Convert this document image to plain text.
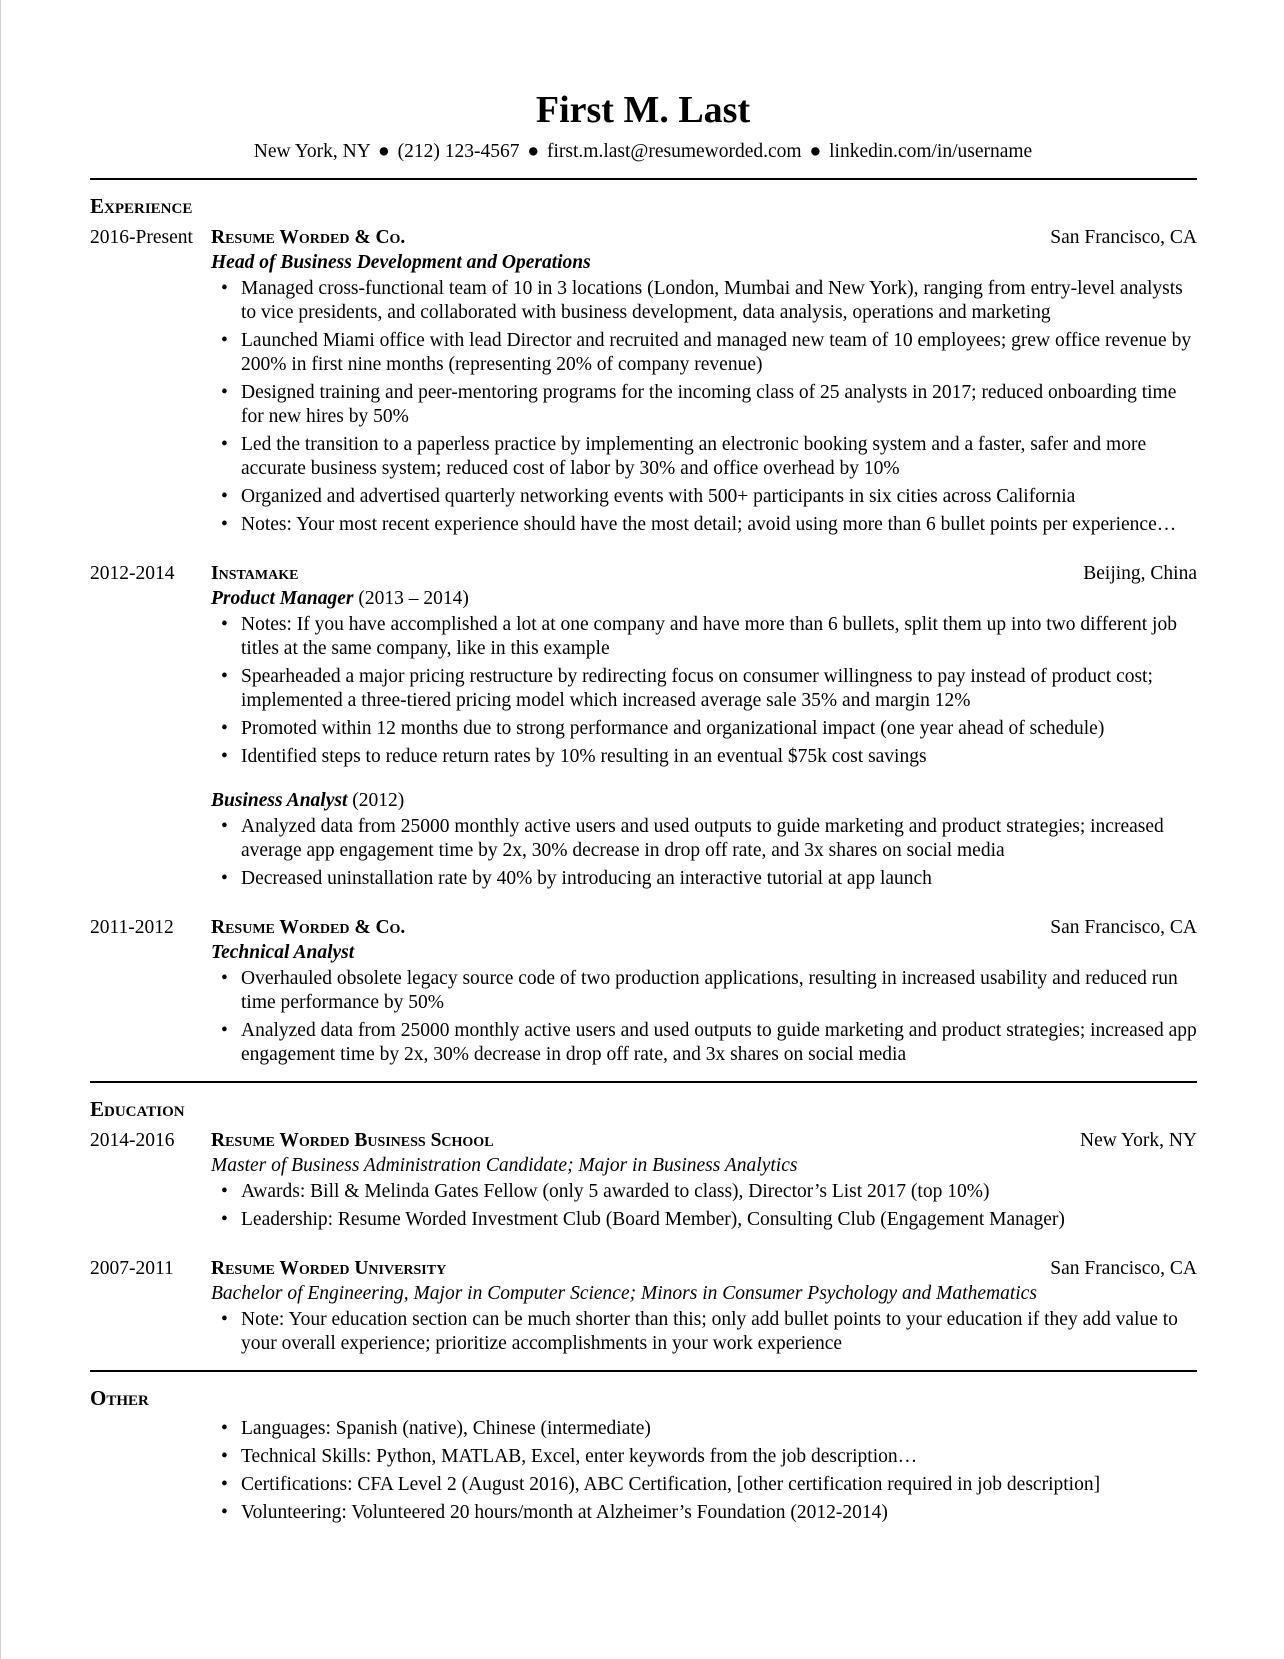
First M. Last
New York, NY ● (212) 123-4567 ● first.m.last@resumeworded.com ● linkedin.com/in/username
Experience
2016-Present Resume Worded & Co.	San Francisco, CA
Head of Business Development and Operations
• Managed cross-functional team of 10 in 3 locations (London, Mumbai and New York), ranging from entry-level analysts to vice presidents, and collaborated with business development, data analysis, operations and marketing
• Launched Miami office with lead Director and recruited and managed new team of 10 employees; grew office revenue by 200% in first nine months (representing 20% of company revenue)
• Designed training and peer-mentoring programs for the incoming class of 25 analysts in 2017; reduced onboarding time for new hires by 50%
• Led the transition to a paperless practice by implementing an electronic booking system and a faster, safer and more accurate business system; reduced cost of labor by 30% and office overhead by 10%
• Organized and advertised quarterly networking events with 500+ participants in six cities across California
• Notes: Your most recent experience should have the most detail; avoid using more than 6 bullet points per experience…
2012-2014	Instamake	Beijing, China
Product Manager (2013 – 2014)
• Notes: If you have accomplished a lot at one company and have more than 6 bullets, split them up into two different job titles at the same company, like in this example
• Spearheaded a major pricing restructure by redirecting focus on consumer willingness to pay instead of product cost; implemented a three-tiered pricing model which increased average sale 35% and margin 12%
• Promoted within 12 months due to strong performance and organizational impact (one year ahead of schedule)
• Identified steps to reduce return rates by 10% resulting in an eventual $75k cost savings
Business Analyst (2012)
• Analyzed data from 25000 monthly active users and used outputs to guide marketing and product strategies; increased average app engagement time by 2x, 30% decrease in drop off rate, and 3x shares on social media
• Decreased uninstallation rate by 40% by introducing an interactive tutorial at app launch
2011-2012	Resume Worded & Co.	San Francisco, CA
Technical Analyst
• Overhauled obsolete legacy source code of two production applications, resulting in increased usability and reduced run time performance by 50%
• Analyzed data from 25000 monthly active users and used outputs to guide marketing and product strategies; increased app engagement time by 2x, 30% decrease in drop off rate, and 3x shares on social media
Education
2014-2016	Resume Worded Business School	New York, NY
Master of Business Administration Candidate; Major in Business Analytics
• Awards: Bill & Melinda Gates Fellow (only 5 awarded to class), Director’s List 2017 (top 10%)
• Leadership: Resume Worded Investment Club (Board Member), Consulting Club (Engagement Manager)
2007-2011	Resume Worded University	San Francisco, CA
Bachelor of Engineering, Major in Computer Science; Minors in Consumer Psychology and Mathematics
• Note: Your education section can be much shorter than this; only add bullet points to your education if they add value to your overall experience; prioritize accomplishments in your work experience
Other
• Languages: Spanish (native), Chinese (intermediate)
• Technical Skills: Python, MATLAB, Excel, enter keywords from the job description…
• Certifications: CFA Level 2 (August 2016), ABC Certification, [other certification required in job description]
• Volunteering: Volunteered 20 hours/month at Alzheimer’s Foundation (2012-2014)
